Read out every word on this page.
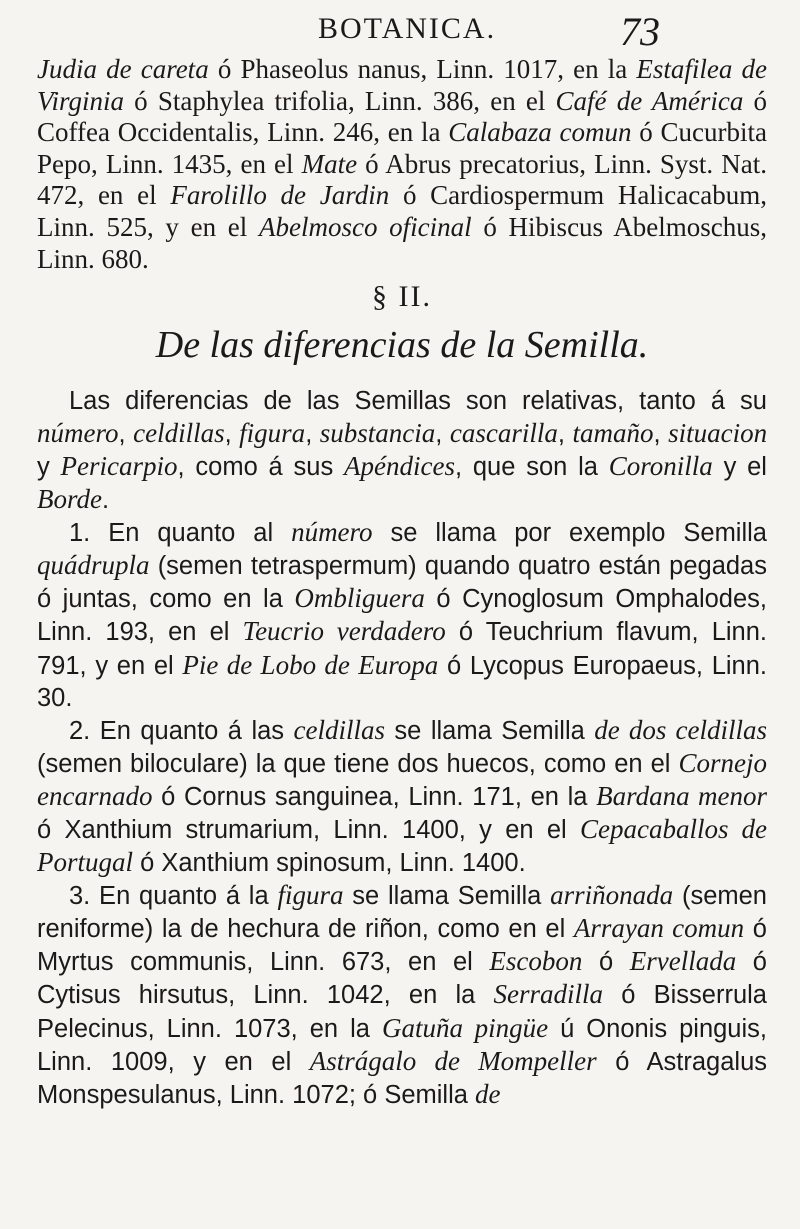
BOTANICA.	73

Judia de careta ó Phaseolus nanus, Linn. 1017, en la Estafilea de Virginia ó Staphylea trifolia, Linn. 386, en el Café de América ó Coffea Occidentalis, Linn. 246, en la Calabaza comun ó Cucurbita Pepo, Linn. 1435, en el Mate ó Abrus precatorius, Linn. Syst. Nat. 472, en el Farolillo de Jardin ó Cardiospermum Halicacabum, Linn. 525, y en el Abelmosco oficinal ó Hibiscus Abelmoschus, Linn. 680.

§ II.
De las diferencias de la Semilla.

Las diferencias de las Semillas son relativas, tanto á su número, celdillas, figura, substancia, cascarilla, tamaño, situacion y Pericarpio, como á sus Apéndices, que son la Coronilla y el Borde.

1. En quanto al número se llama por exemplo Semilla quádrupla (semen tetraspermum) quando quatro están pegadas ó juntas, como en la Ombliguera ó Cynoglosum Omphalodes, Linn. 193, en el Teucrio verdadero ó Teuchrium flavum, Linn. 791, y en el Pie de Lobo de Europa ó Lycopus Europaeus, Linn. 30.

2. En quanto á las celdillas se llama Semilla de dos celdillas (semen biloculare) la que tiene dos huecos, como en el Cornejo encarnado ó Cornus sanguinea, Linn. 171, en la Bardana menor ó Xanthium strumarium, Linn. 1400, y en el Cepacaballos de Portugal ó Xanthium spinosum, Linn. 1400.

3. En quanto á la figura se llama Semilla arriñonada (semen reniforme) la de hechura de riñon, como en el Arrayan comun ó Myrtus communis, Linn. 673, en el Escobon ó Ervellada ó Cytisus hirsutus, Linn. 1042, en la Serradilla ó Bisserrula Pelecinus, Linn. 1073, en la Gatuña pingüe ú Ononis pinguis, Linn. 1009, y en el Astrágalo de Mompeller ó Astragalus Monspesulanus, Linn. 1072; ó Semilla de
